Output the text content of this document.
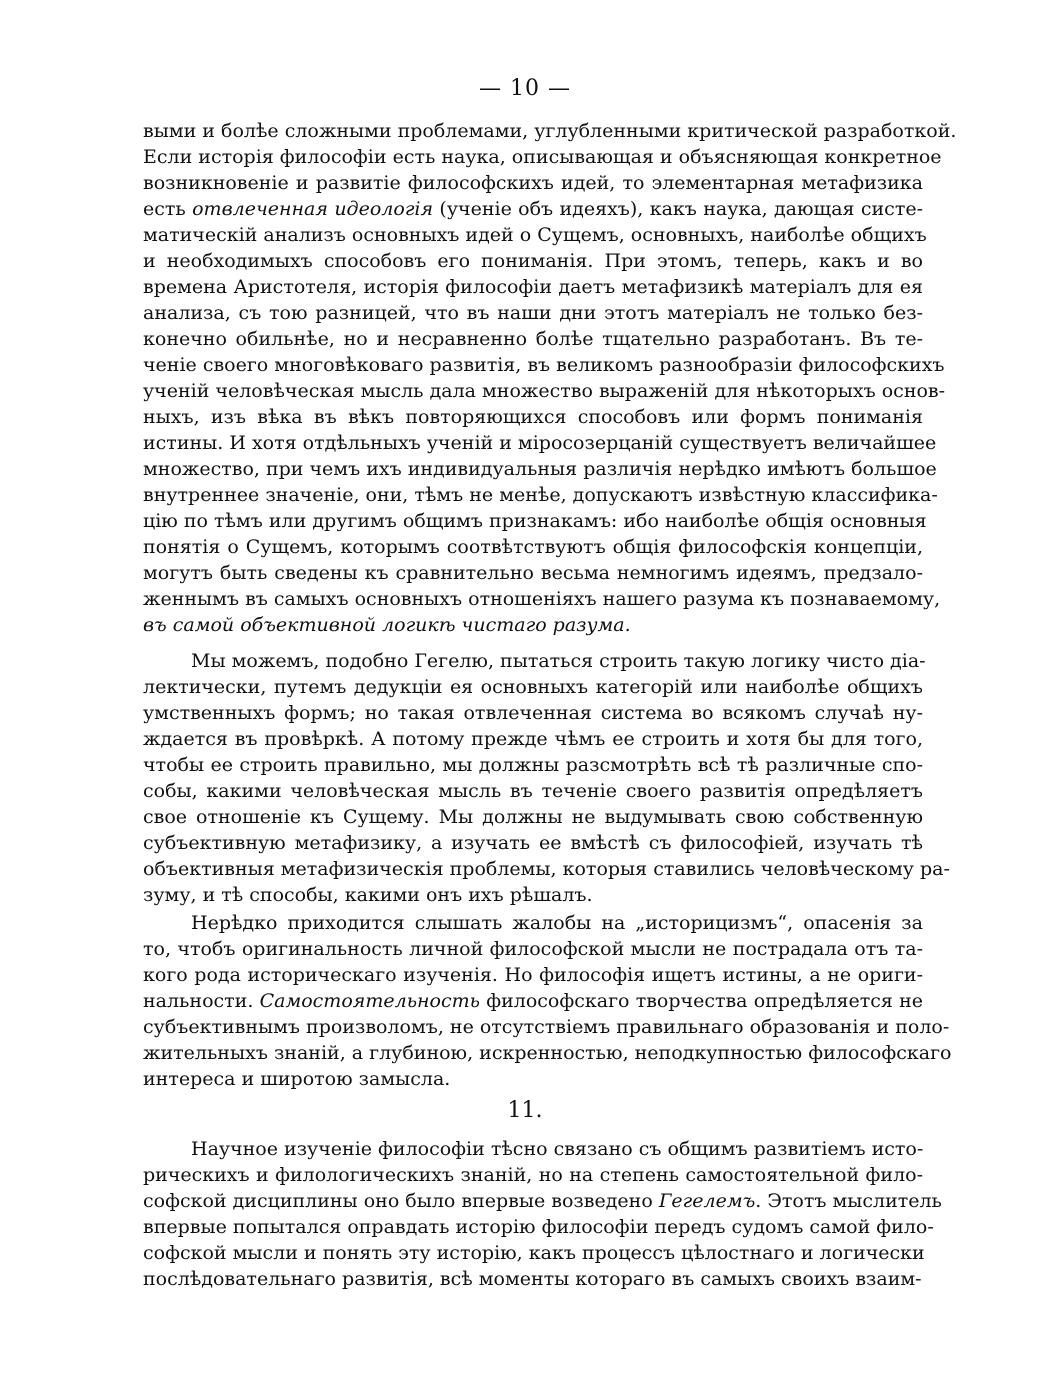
— 10 —
выми и болѣе сложными проблемами, углубленными критической разработкой.
Если исторія философіи есть наука, описывающая и объясняющая конкретное
возникновеніе и развитіе философскихъ идей, то элементарная метафизика
есть отвлеченная идеологія (ученіе объ идеяхъ), какъ наука, дающая систе-
матическій анализъ основныхъ идей о Сущемъ, основныхъ, наиболѣе общихъ
и необходимыхъ способовъ его пониманія. При этомъ, теперь, какъ и во
времена Аристотеля, исторія философіи даетъ метафизикѣ матеріалъ для ея
анализа, съ тою разницей, что въ наши дни этотъ матеріалъ не только без-
конечно обильнѣе, но и несравненно болѣе тщательно разработанъ. Въ те-
ченіе своего многовѣковаго развитія, въ великомъ разнообразіи философскихъ
ученій человѣческая мысль дала множество выраженій для нѣкоторыхъ основ-
ныхъ, изъ вѣка въ вѣкъ повторяющихся способовъ или формъ пониманія
истины. И хотя отдѣльныхъ ученій и міросозерцаній существуетъ величайшее
множество, при чемъ ихъ индивидуальныя различія нерѣдко имѣютъ большое
внутреннее значеніе, они, тѣмъ не менѣе, допускаютъ извѣстную классифика-
цію по тѣмъ или другимъ общимъ признакамъ: ибо наиболѣе общія основныя
понятія о Сущемъ, которымъ соотвѣтствуютъ общія философскія концепціи,
могутъ быть сведены къ сравнительно весьма немногимъ идеямъ, предзало-
женнымъ въ самыхъ основныхъ отношеніяхъ нашего разума къ познаваемому,
въ самой объективной логикѣ чистаго разума.
Мы можемъ, подобно Гегелю, пытаться строить такую логику чисто діа-
лектически, путемъ дедукціи ея основныхъ категорій или наиболѣе общихъ
умственныхъ формъ; но такая отвлеченная система во всякомъ случаѣ ну-
ждается въ провѣркѣ. А потому прежде чѣмъ ее строить и хотя бы для того,
чтобы ее строить правильно, мы должны разсмотрѣть всѣ тѣ различные спо-
собы, какими человѣческая мысль въ теченіе своего развитія опредѣляетъ
свое отношеніе къ Сущему. Мы должны не выдумывать свою собственную
субъективную метафизику, а изучать ее вмѣстѣ съ философіей, изучать тѣ
объективныя метафизическія проблемы, которыя ставились человѣческому ра-
зуму, и тѣ способы, какими онъ ихъ рѣшалъ.
Нерѣдко приходится слышать жалобы на „историцизмъ“, опасенія за
то, чтобъ оригинальность личной философской мысли не пострадала отъ та-
кого рода историческаго изученія. Но философія ищетъ истины, а не ориги-
нальности. Самостоятельность философскаго творчества опредѣляется не
субъективнымъ произволомъ, не отсутствіемъ правильнаго образованія и поло-
жительныхъ знаній, а глубиною, искренностью, неподкупностью философскаго
интереса и широтою замысла.
11.
Научное изученіе философіи тѣсно связано съ общимъ развитіемъ исто-
рическихъ и филологическихъ знаній, но на степень самостоятельной фило-
софской дисциплины оно было впервые возведено Гегелемъ. Этотъ мыслитель
впервые попытался оправдать исторію философіи передъ судомъ самой фило-
софской мысли и понять эту исторію, какъ процессъ цѣлостнаго и логически
послѣдовательнаго развитія, всѣ моменты котораго въ самыхъ своихъ взаим-
